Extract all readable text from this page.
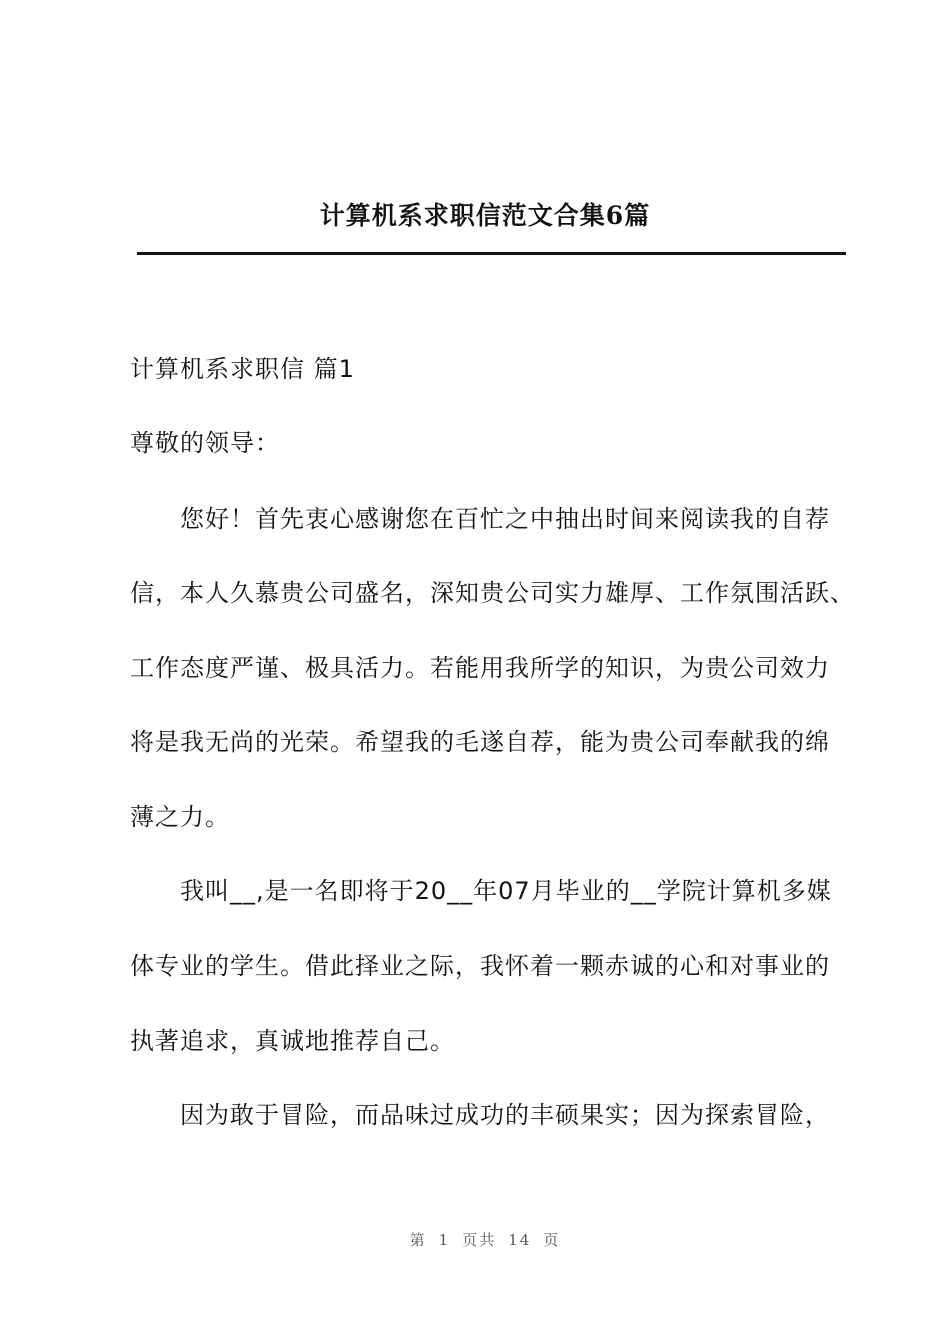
计算机系求职信范文合集6篇
计算机系求职信 篇1
尊敬的领导：
您好！首先衷心感谢您在百忙之中抽出时间来阅读我的自荐
信，本人久慕贵公司盛名，深知贵公司实力雄厚、工作氛围活跃、
工作态度严谨、极具活力。若能用我所学的知识，为贵公司效力
将是我无尚的光荣。希望我的毛遂自荐，能为贵公司奉献我的绵
薄之力。
我叫__,是一名即将于20__年07月毕业的__学院计算机多媒
体专业的学生。借此择业之际，我怀着一颗赤诚的心和对事业的
执著追求，真诚地推荐自己。
因为敢于冒险，而品味过成功的丰硕果实；因为探索冒险，
第 1 页共 14 页
